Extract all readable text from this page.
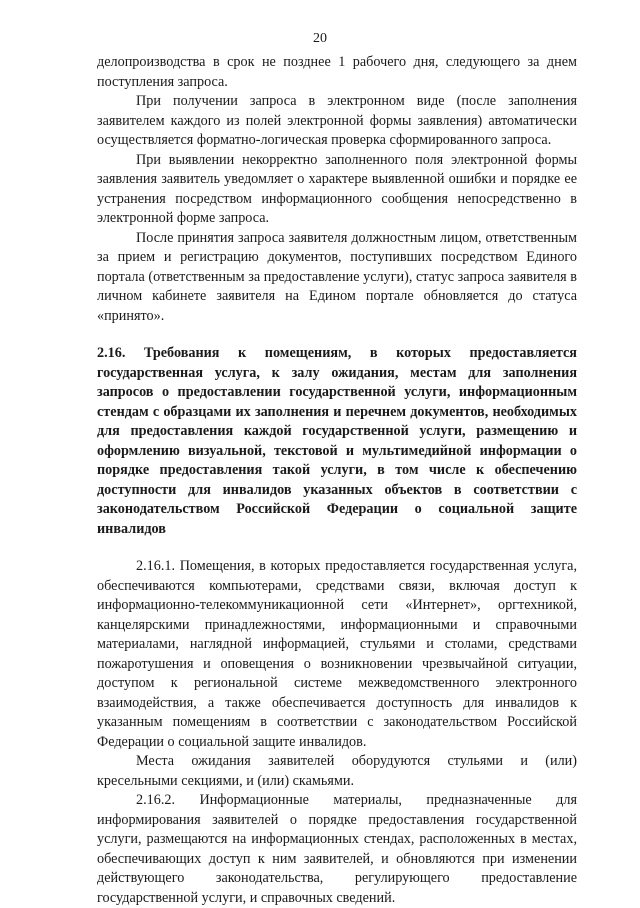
20

делопроизводства в срок не позднее 1 рабочего дня, следующего за днем поступления запроса.

При получении запроса в электронном виде (после заполнения заявителем каждого из полей электронной формы заявления) автоматически осуществляется форматно-логическая проверка сформированного запроса.

При выявлении некорректно заполненного поля электронной формы заявления заявитель уведомляет о характере выявленной ошибки и порядке ее устранения посредством информационного сообщения непосредственно в электронной форме запроса.

После принятия запроса заявителя должностным лицом, ответственным за прием и регистрацию документов, поступивших посредством Единого портала (ответственным за предоставление услуги), статус запроса заявителя в личном кабинете заявителя на Едином портале обновляется до статуса «принято».

2.16. Требования к помещениям, в которых предоставляется государственная услуга, к залу ожидания, местам для заполнения запросов о предоставлении государственной услуги, информационным стендам с образцами их заполнения и перечнем документов, необходимых для предоставления каждой государственной услуги, размещению и оформлению визуальной, текстовой и мультимедийной информации о порядке предоставления такой услуги, в том числе к обеспечению доступности для инвалидов указанных объектов в соответствии с законодательством Российской Федерации о социальной защите инвалидов

2.16.1. Помещения, в которых предоставляется государственная услуга, обеспечиваются компьютерами, средствами связи, включая доступ к информационно-телекоммуникационной сети «Интернет», оргтехникой, канцелярскими принадлежностями, информационными и справочными материалами, наглядной информацией, стульями и столами, средствами пожаротушения и оповещения о возникновении чрезвычайной ситуации, доступом к региональной системе межведомственного электронного взаимодействия, а также обеспечивается доступность для инвалидов к указанным помещениям в соответствии с законодательством Российской Федерации о социальной защите инвалидов.

Места ожидания заявителей оборудуются стульями и (или) кресельными секциями, и (или) скамьями.

2.16.2. Информационные материалы, предназначенные для информирования заявителей о порядке предоставления государственной услуги, размещаются на информационных стендах, расположенных в местах, обеспечивающих доступ к ним заявителей, и обновляются при изменении действующего законодательства, регулирующего предоставление государственной услуги, и справочных сведений.
